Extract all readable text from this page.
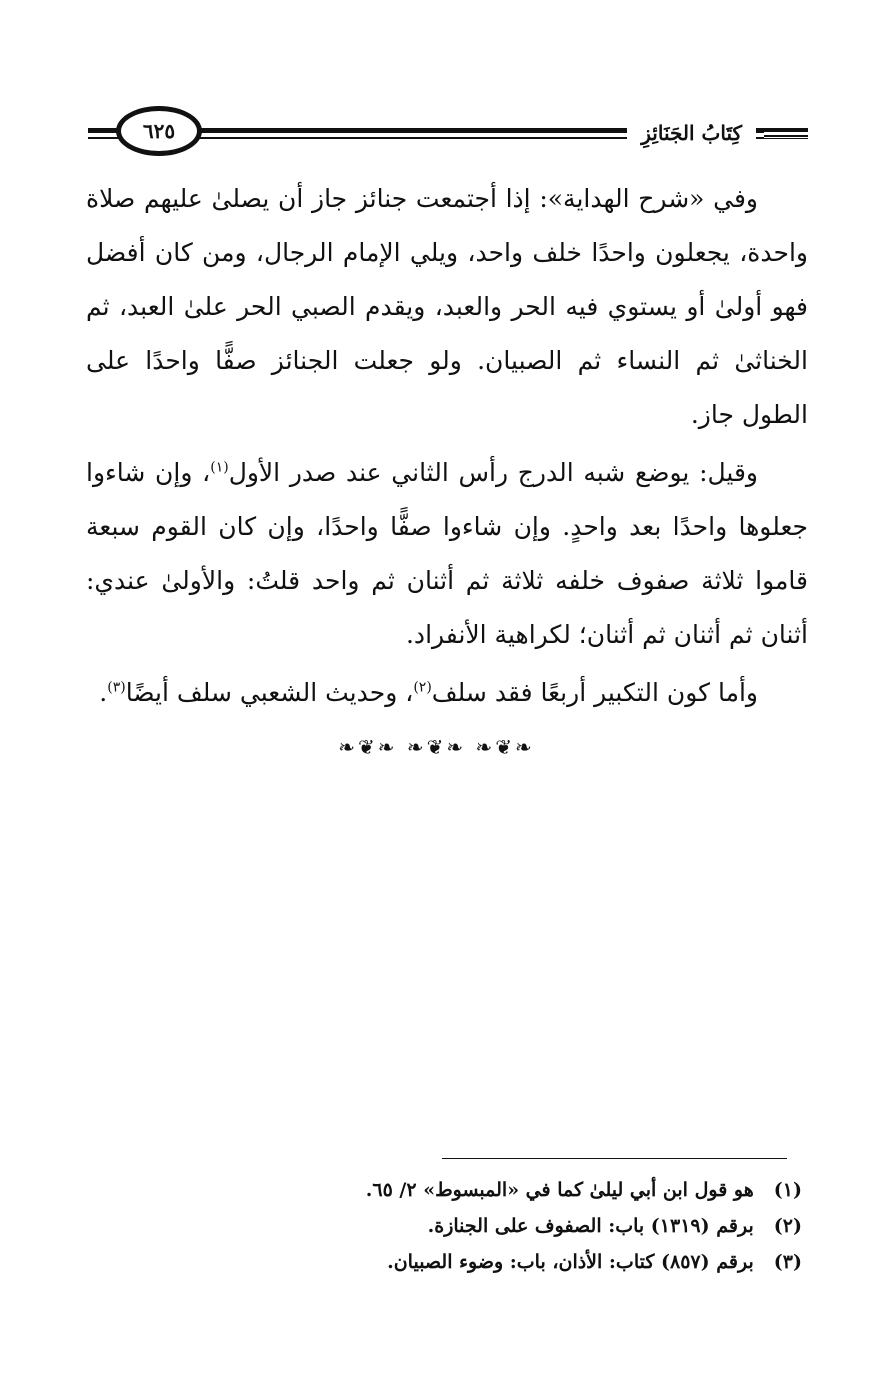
كِتَابُ الجَنَائِزِ
٦٢٥

وفي «شرح الهداية»: إذا أجتمعت جنائز جاز أن يصلىٰ عليهم صلاة واحدة، يجعلون واحدًا خلف واحد، ويلي الإمام الرجال، ومن كان أفضل فهو أولىٰ أو يستوي فيه الحر والعبد، ويقدم الصبي الحر علىٰ العبد، ثم الخناثىٰ ثم النساء ثم الصبيان. ولو جعلت الجنائز صفًّا واحدًا على الطول جاز.

وقيل: يوضع شبه الدرج رأس الثاني عند صدر الأول$^{(١)}$، وإن شاءوا جعلوها واحدًا بعد واحدٍ. وإن شاءوا صفًّا واحدًا، وإن كان القوم سبعة قاموا ثلاثة صفوف خلفه ثلاثة ثم أثنان ثم واحد قلتُ: والأولىٰ عندي: أثنان ثم أثنان ثم أثنان؛ لكراهية الأنفراد.

وأما كون التكبير أربعًا فقد سلف$^{(٢)}$، وحديث الشعبي سلف أيضًا$^{(٣)}$.

❧❦❧ ❧❦❧ ❧❦❧
(١) هو قول ابن أبي ليلىٰ كما في «المبسوط» ٢/ ٦٥.
(٢) برقم (١٣١٩) باب: الصفوف على الجنازة.
(٣) برقم (٨٥٧) كتاب: الأذان، باب: وضوء الصبيان.
